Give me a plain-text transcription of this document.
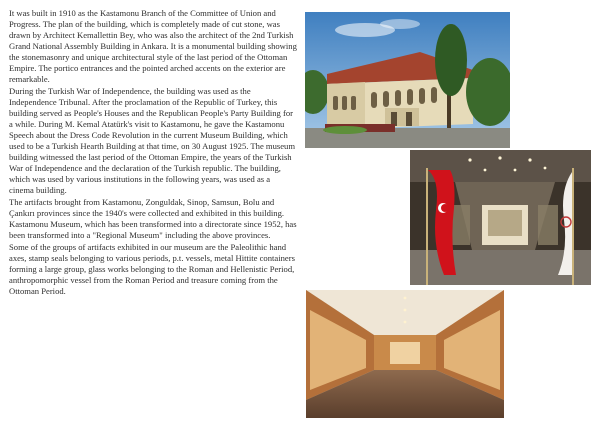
It was built in 1910 as the Kastamonu Branch of the Committee of Union and Progress. The plan of the building, which is completely made of cut stone, was drawn by Architect Kemallettin Bey, who was also the architect of the 2nd Turkish Grand National Assembly Building in Ankara. It is a monumental building showing the stonemasonry and unique architectural style of the last period of the Ottoman Empire. The portico entrances and the pointed arched accents on the exterior are remarkable.

During the Turkish War of Independence, the building was used as the Independence Tribunal. After the proclamation of the Republic of Turkey, this building served as People's Houses and the Republican People's Party Building for a while. During M. Kemal Atatürk's visit to Kastamonu, he gave the Kastamonu Speech about the Dress Code Revolution in the current Museum Building, which used to be a Turkish Hearth Building at that time, on 30 August 1925. The museum building witnessed the last period of the Ottoman Empire, the years of the Turkish War of Independence and the declaration of the Turkish republic. The building, which was used by various institutions in the following years, was used as a cinema building.

The artifacts brought from Kastamonu, Zonguldak, Sinop, Samsun, Bolu and Çankırı provinces since the 1940's were collected and exhibited in this building. Kastamonu Museum, which has been transformed into a directorate since 1952, has been transformed into a "Regional Museum" including the above provinces.

Some of the groups of artifacts exhibited in our museum are the Paleolithic hand axes, stamp seals belonging to various periods, p.t. vessels, metal Hittite containers forming a large group, glass works belonging to the Roman and Hellenistic Period, anthropomorphic vessel from the Roman Period and treasure coming from the Ottoman Period.
